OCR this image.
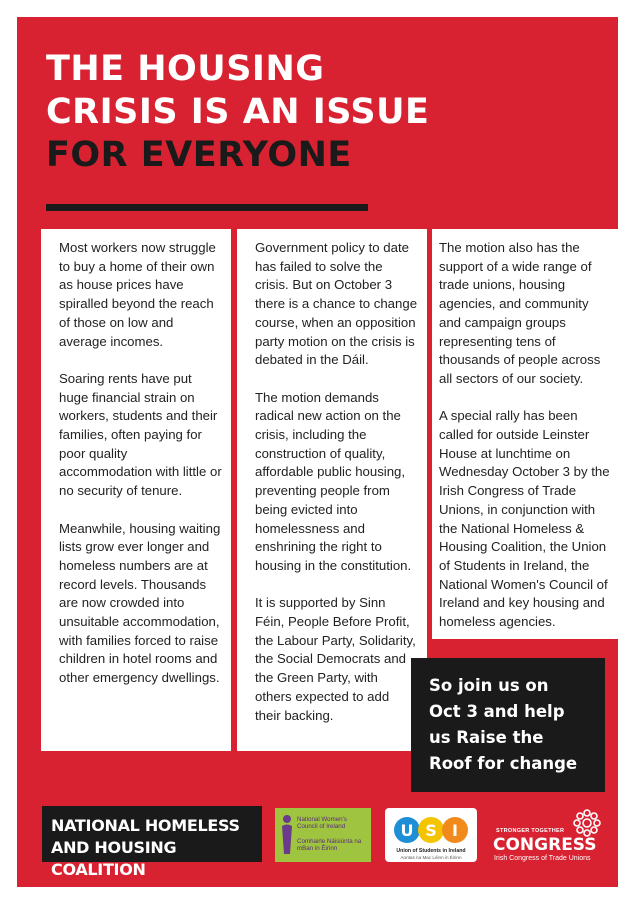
THE HOUSING
CRISIS IS AN ISSUE
FOR EVERYONE

Most workers now struggle to buy a home of their own as house prices have spiralled beyond the reach of those on low and average incomes.

Soaring rents have put huge financial strain on workers, students and their families, often paying for poor quality accommodation with little or no security of tenure.

Meanwhile, housing waiting lists grow ever longer and homeless numbers are at record levels. Thousands are now crowded into unsuitable accommodation, with families forced to raise children in hotel rooms and other emergency dwellings.

Government policy to date has failed to solve the crisis. But on October 3 there is a chance to change course, when an opposition party motion on the crisis is debated in the Dáil.

The motion demands radical new action on the crisis, including the construction of quality, affordable public housing, preventing people from being evicted into homelessness and enshrining the right to housing in the constitution.

It is supported by Sinn Féin, People Before Profit, the Labour Party, Solidarity, the Social Democrats and the Green Party, with others expected to add their backing.

The motion also has the support of a wide range of trade unions, housing agencies, and community and campaign groups representing tens of thousands of people across all sectors of our society.

A special rally has been called for outside Leinster House at lunchtime on Wednesday October 3 by the Irish Congress of Trade Unions, in conjunction with the National Homeless & Housing Coalition, the Union of Students in Ireland, the National Women's Council of Ireland and key housing and homeless agencies.

So join us on
Oct 3 and help
us Raise the
Roof for change
NATIONAL HOMELESS
AND HOUSING COALITION
National Women's Council of Ireland
Comhairle Náisiúnta na mBan in Éirinn
U S I
Union of Students in Ireland
Aontas na Mac Léinn in Éirinn
STRONGER TOGETHER
CONGRESS
Irish Congress of Trade Unions
